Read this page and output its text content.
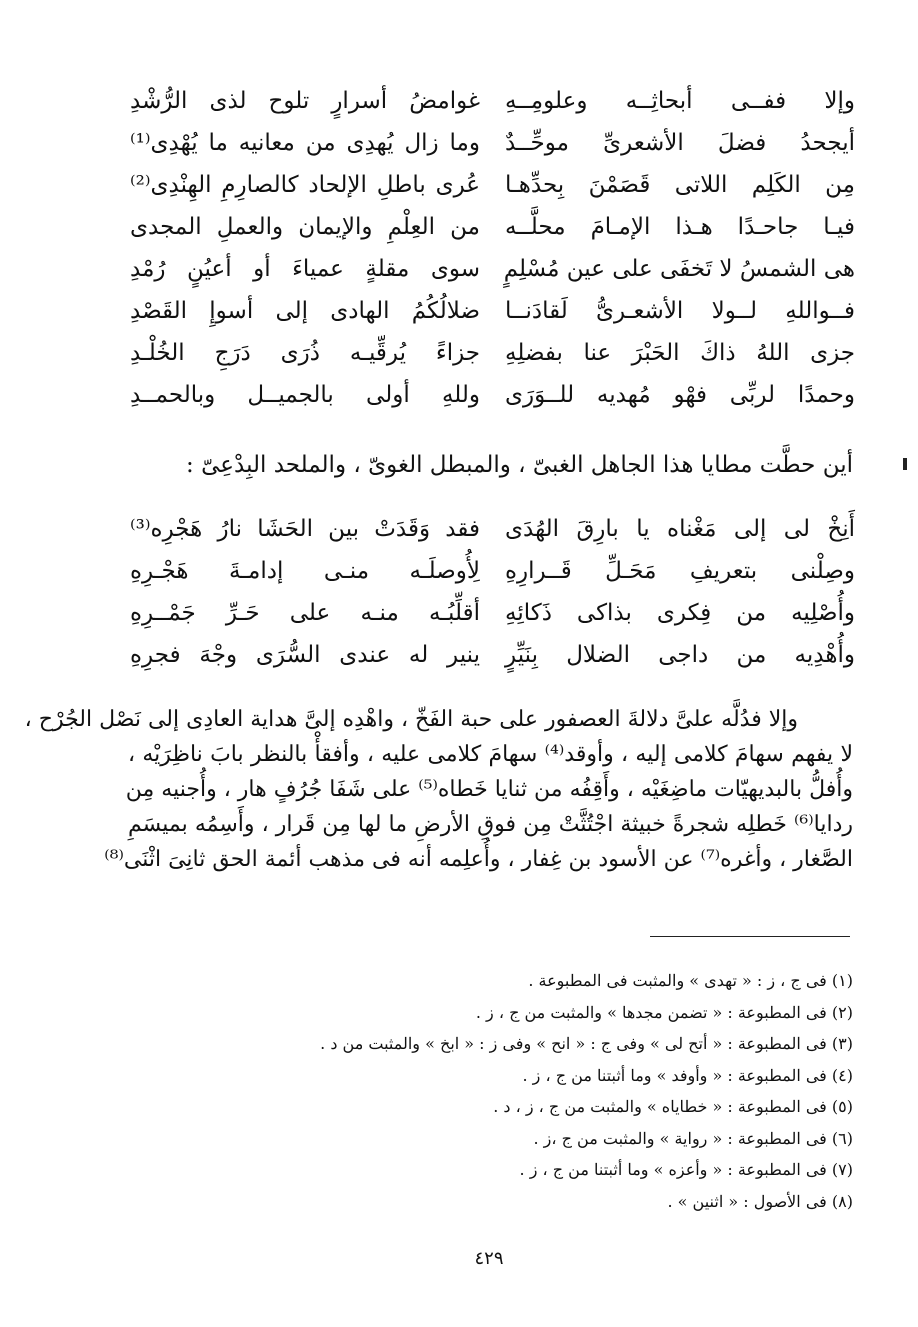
وإلا ففــى أبحاثِــه وعلومِــهِ
غوامضُ أسرارٍ تلوح لذى الرُّشْدِ
أيجحدُ فضلَ الأشعرىِّ موحِّــدٌ
وما زال يُهدِى من معانيه ما يُهْدِى⁽¹⁾
مِن الكَلِم اللاتى قَصَمْنَ بِحدِّهـا
عُرى باطلِ الإلحاد كالصارِمِ الهِنْدِى⁽²⁾
فيـا جاحـدًا هـذا الإمـامَ محلَّــه
من العِلْمِ والإيمان والعملِ المجدى
هى الشمسُ لا تَخفَى على عين مُسْلِمٍ
سوى مقلةٍ عمياءَ أو أعيُنٍ رُمْدِ
فــواللهِ لــولا الأشعـرىُّ لَقادَنــا
ضلالُكُمُ الهادى إلى أسوإِ القَصْدِ
جزى اللهُ ذاكَ الحَبْرَ عنا بفضلِهِ
جزاءً يُرقِّيـه ذُرَى دَرَجِ الخُلْـدِ
وحمدًا لربِّى فهْو مُهديه للــوَرَى
وللهِ أولى بالجميــل وبالحمــدِ
أين حطَّت مطايا هذا الجاهل الغبىّ ، والمبطل الغوىّ ، والملحد البِدْعِىّ :
أَنِخْ لى إلى مَغْناه يا بارِقَ الهُدَى
فقد وَقَدَتْ بين الحَشَا نارُ هَجْرِه⁽³⁾
وصِلْنى بتعريفِ مَحَـلِّ قَــرارِهِ
لِأُوصلَـه منـى إدامـةَ هَجْـرِهِ
وأُصْلِيه من فِكرى بذاكى ذَكائِهِ
أقلِّبُـه منـه على حَـرِّ جَمْــرِهِ
وأُهْدِيه من داجى الضلال بِنَيِّرٍ
ينير له عندى السُّرَى وجْهَ فجرِهِ
وإلا فدُلَّه علىَّ دلالةَ العصفور على حبة الفَخّ ، واهْدِه إلىَّ هداية العادِى إلى نَصْل الجُرْح ،
لا يفهم سهامَ كلامى إليه ، وأوقد⁽⁴⁾ سهامَ كلامى عليه ، وأفقأْ بالنظر بابَ ناظِرَيْه ،
وأُفلُّ بالبديهيّات ماضِغَيْه ، وأَقِفُه من ثنايا خَطاه⁽⁵⁾ على شَفَا جُرُفٍ هار ، وأُجنيه مِن
ردايا⁽⁶⁾ خَطلِه شجرةً خبيثة اجْتُثَّتْ مِن فوقِ الأرضِ ما لها مِن قَرار ، وأَسِمُه بميسَمِ
الصَّغار ، وأغره⁽⁷⁾ عن الأسود بن غِفار ، وأُعلِمه أنه فى مذهب أئمة الحق ثانِىَ اثْنَى⁽⁸⁾
(١) فى ج ، ز : « تهدى » والمثبت فى المطبوعة .
(٢) فى المطبوعة : « تضمن مجدها » والمثبت من ج ، ز .
(٣) فى المطبوعة : « أتح لى » وفى ج : « انح » وفى ز : « ابخ » والمثبت من د .
(٤) فى المطبوعة : « وأوفد » وما أثبتنا من ج ، ز .
(٥) فى المطبوعة : « خطاياه » والمثبت من ج ، ز ، د .
(٦) فى المطبوعة : « رواية » والمثبت من ج ،ز .
(٧) فى المطبوعة : « وأعزه » وما أثبتنا من ج ، ز .
(٨) فى الأصول : « اثنين » .
٤٢٩
